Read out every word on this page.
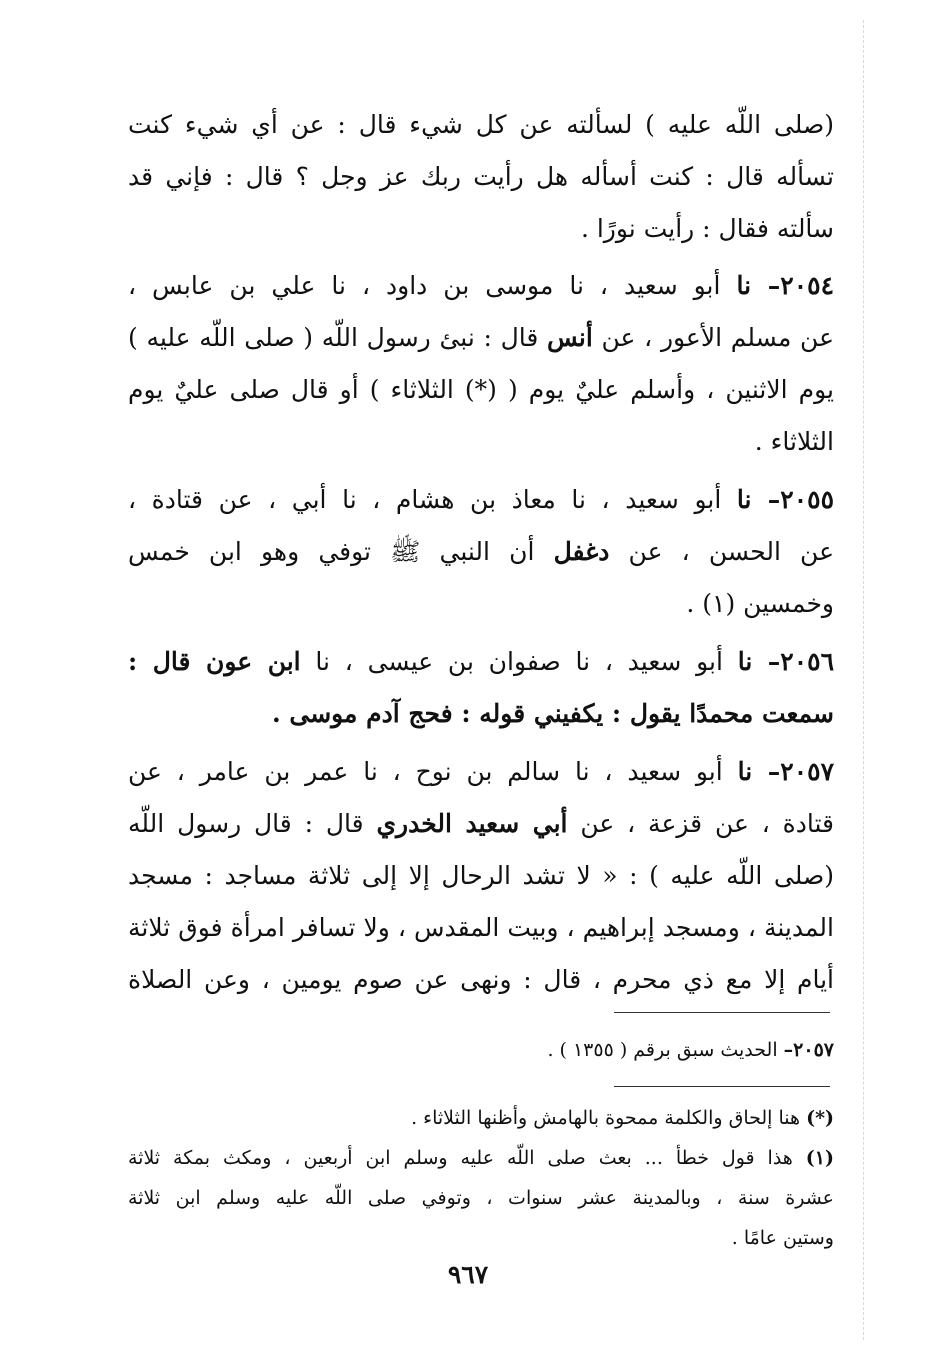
(صلى اللّه عليه ) لسألته عن كل شيء قال : عن أي شيء كنت
تسأله قال : كنت أسأله هل رأيت ربك عز وجل ؟ قال : فإني قد
سألته فقال : رأيت نورًا .
٢٠٥٤– نا أبو سعيد ، نا موسى بن داود ، نا علي بن عابس ،
عن مسلم الأعور ، عن أنس قال : نبئ رسول اللّه ( صلى اللّه عليه )
يوم الاثنين ، وأسلم عليٌ يوم ( (*) الثلاثاء ) أو قال صلى عليٌ يوم
الثلاثاء .
٢٠٥٥– نا أبو سعيد ، نا معاذ بن هشام ، نا أبي ، عن قتادة ،
عن الحسن ، عن دغفل أن النبي ﷺ توفي وهو ابن خمس
وخمسين (١) .
٢٠٥٦– نا أبو سعيد ، نا صفوان بن عيسى ، نا ابن عون قال :
سمعت محمدًا يقول : يكفيني قوله : فحج آدم موسى .
٢٠٥٧– نا أبو سعيد ، نا سالم بن نوح ، نا عمر بن عامر ، عن
قتادة ، عن قزعة ، عن أبي سعيد الخدري قال : قال رسول اللّه
(صلى اللّه عليه ) : « لا تشد الرحال إلا إلى ثلاثة مساجد : مسجد
المدينة ، ومسجد إبراهيم ، وبيت المقدس ، ولا تسافر امرأة فوق ثلاثة
أيام إلا مع ذي محرم ، قال : ونهى عن صوم يومين ، وعن الصلاة
٢٠٥٧– الحديث سبق برقم ( ١٣٥٥ ) .
(*) هنا إلحاق والكلمة ممحوة بالهامش وأظنها الثلاثاء .
(١) هذا قول خطأ ... بعث صلى اللّه عليه وسلم ابن أربعين ، ومكث بمكة ثلاثة
عشرة سنة ، وبالمدينة عشر سنوات ، وتوفي صلى اللّه عليه وسلم ابن ثلاثة
وستين عامًا .
٩٦٧
